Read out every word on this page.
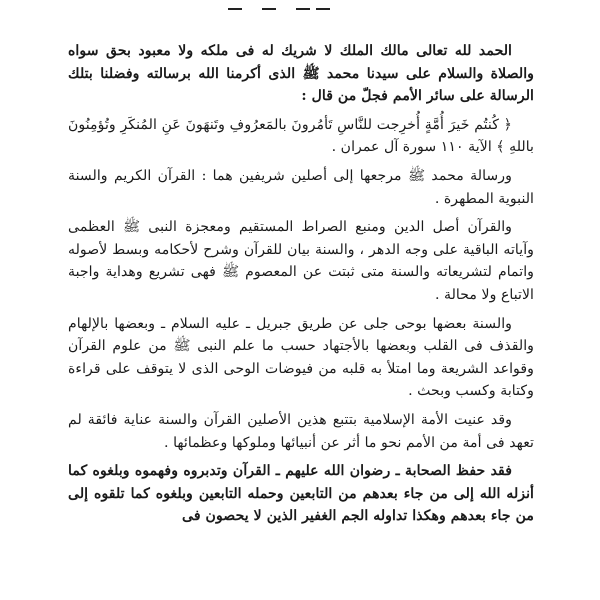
الحمد لله تعالى مالك الملك لا شريك له فى ملكه ولا معبود بحق سواه والصلاة والسلام على سيدنا محمد ﷺ الذى أكرمنا الله برسالته وفضلنا بتلك الرسالة على سائر الأمم فجلّ من قال :

﴿ كُنتُم خَيرَ أُمَّةٍ أُخرِجت للنَّاسِ تَأمُرونَ بالمَعرُوفِ وتَنهَونَ عَنِ المُنكَرِ وتُؤمِنُونَ باللهِ ﴾ الآية ١١٠ سورة آل عمران .

ورسالة محمد ﷺ مرجعها إلى أصلين شريفين هما : القرآن الكريم والسنة النبوية المطهرة .

والقرآن أصل الدين ومنبع الصراط المستقيم ومعجزة النبى ﷺ العظمى وآياته الباقية على وجه الدهر ، والسنة بيان للقرآن وشرح لأحكامه وبسط لأصوله واتمام لتشريعاته والسنة متى ثبتت عن المعصوم ﷺ فهى تشريع وهداية واجبة الاتباع ولا محالة .

والسنة بعضها بوحى جلى عن طريق جبريل ـ عليه السلام ـ وبعضها بالإلهام والقذف فى القلب وبعضها بالأجتهاد حسب ما علم النبى ﷺ من علوم القرآن وقواعد الشريعة وما امتلأ به قلبه من فيوضات الوحى الذى لا يتوقف على قراءة وكتابة وكسب وبحث .

وقد عنيت الأمة الإسلامية بتتبع هذين الأصلين القرآن والسنة عناية فائقة لم تعهد فى أمة من الأمم نحو ما أثر عن أنبيائها وملوكها وعظمائها .

فقد حفظ الصحابة ـ رضوان الله عليهم ـ القرآن وتدبروه وفهموه وبلغوه كما أنزله الله إلى من جاء بعدهم من التابعين وحمله التابعين وبلغوه كما تلقوه إلى من جاء بعدهم وهكذا تداوله الجم الغفير الذين لا يحصون فى
